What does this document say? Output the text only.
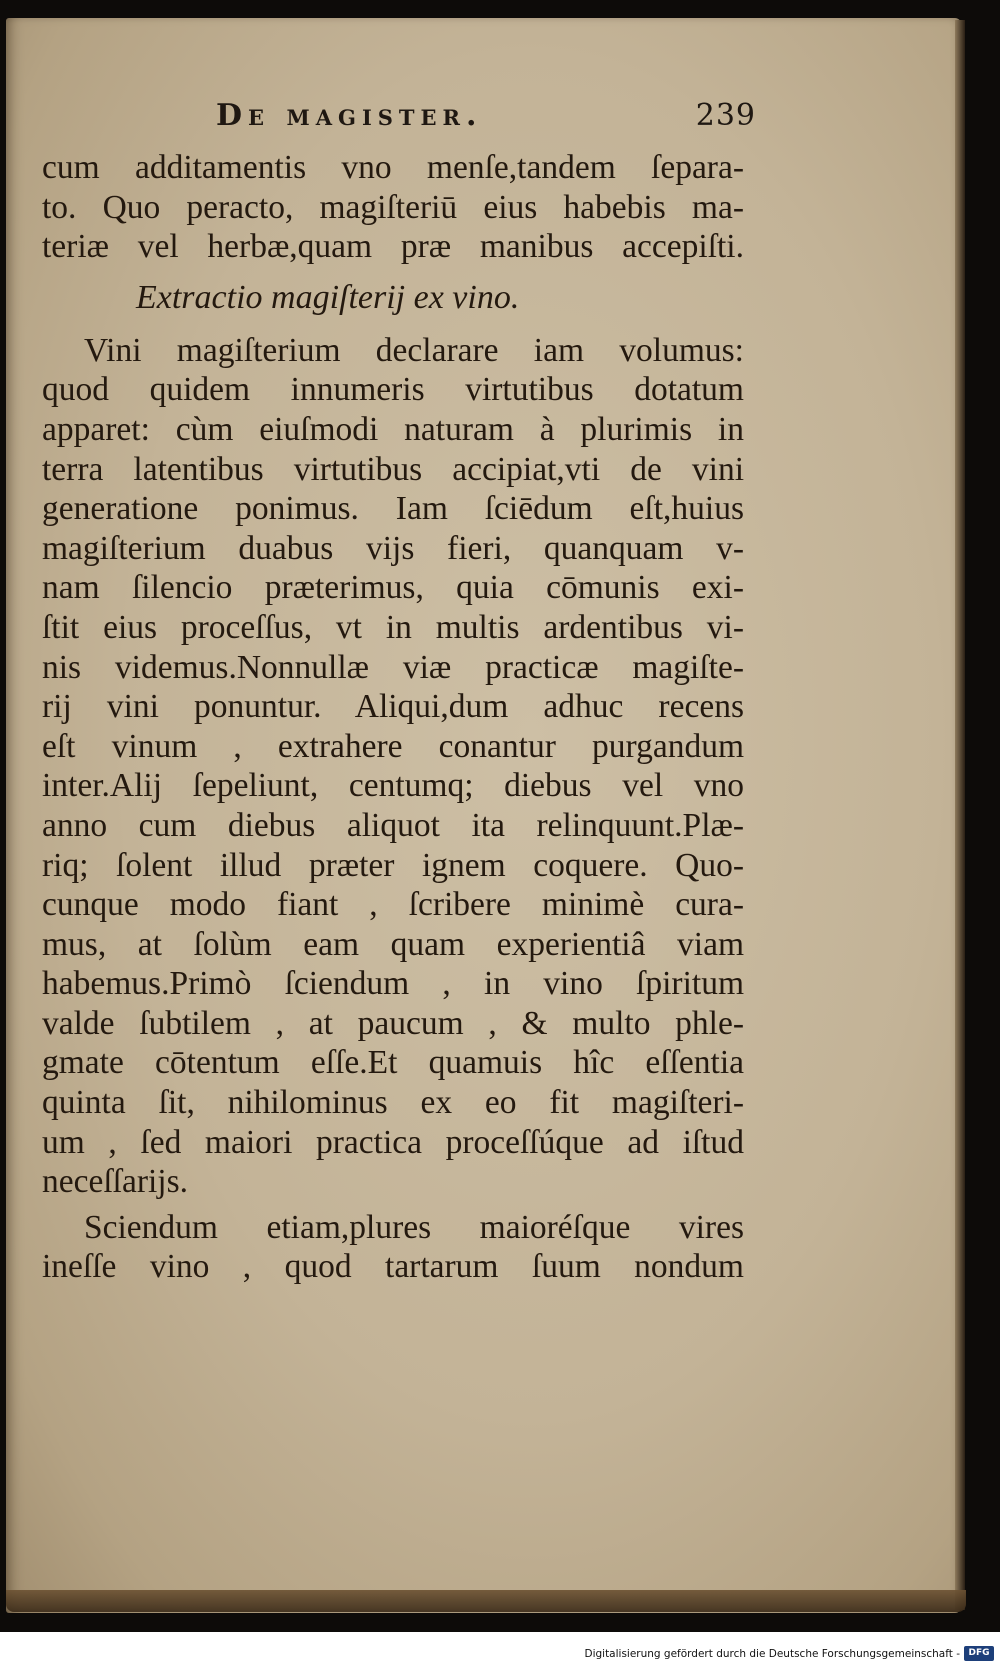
De magister.	239
cum additamentis vno menſe,tandem ſepara-
to. Quo peracto, magiſteriū eius habebis ma-
teriæ vel herbæ,quam præ manibus accepiſti.
Extractio magiſterij ex vino.
Vini magiſterium declarare iam volumus:
quod quidem innumeris virtutibus dotatum
apparet: cùm eiuſmodi naturam à plurimis in
terra latentibus virtutibus accipiat,vti de vini
generatione ponimus. Iam ſciēdum eſt,huius
magiſterium duabus vijs fieri, quanquam v-
nam ſilencio præterimus, quia cōmunis exi-
ſtit eius proceſſus, vt in multis ardentibus vi-
nis videmus.Nonnullæ viæ practicæ magiſte-
rij vini ponuntur. Aliqui,dum adhuc recens
eſt vinum , extrahere conantur purgandum
inter.Alij ſepeliunt, centumq; diebus vel vno
anno cum diebus aliquot ita relinquunt.Plæ-
riq; ſolent illud præter ignem coquere. Quo-
cunque modo fiant , ſcribere minimè cura-
mus, at ſolùm eam quam experientiâ viam
habemus.Primò ſciendum , in vino ſpiritum
valde ſubtilem , at paucum , & multo phle-
gmate cōtentum eſſe.Et quamuis hîc eſſentia
quinta ſit, nihilominus ex eo fit magiſteri-
um , ſed maiori practica proceſſúque ad iſtud
neceſſarijs.
Sciendum etiam,plures maioréſque vires
ineſſe vino , quod tartarum ſuum nondum
Digitalisierung gefördert durch die Deutsche Forschungsgemeinschaft - DFG
